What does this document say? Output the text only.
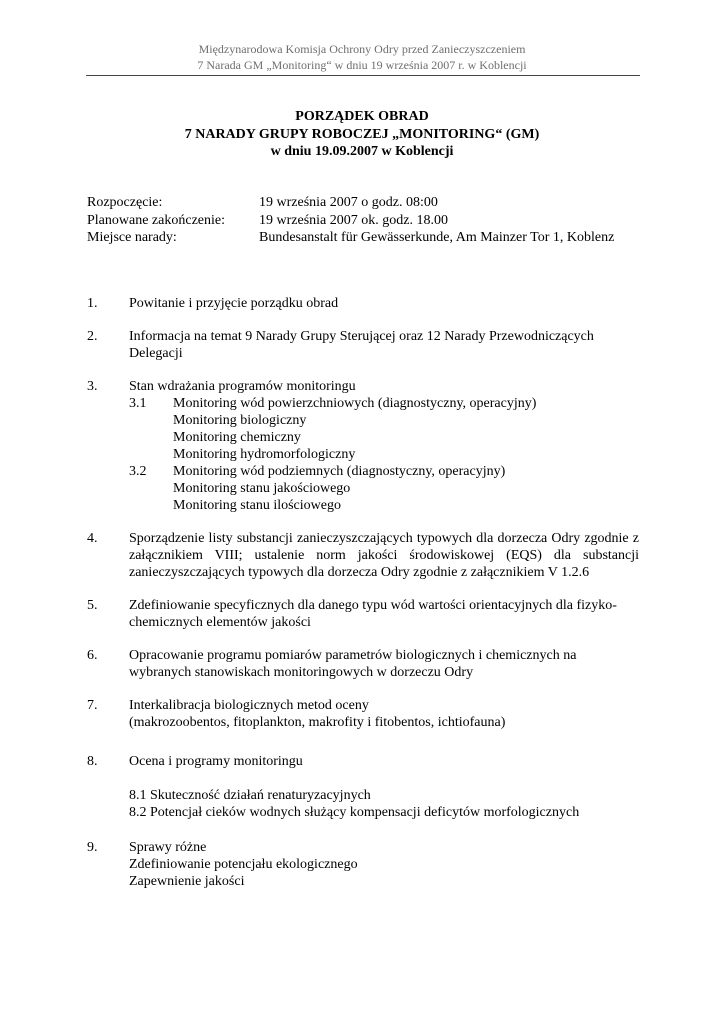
Międzynarodowa Komisja Ochrony Odry przed Zanieczyszczeniem
7 Narada GM „Monitoring“ w dniu 19 września 2007 r. w Koblencji
PORZĄDEK OBRAD
7 NARADY GRUPY ROBOCZEJ „MONITORING“ (GM)
w dniu 19.09.2007 w Koblencji
Rozpoczęcie:	19 września 2007 o godz. 08:00
Planowane zakończenie:	19 września 2007 ok. godz. 18.00
Miejsce narady:	Bundesanstalt für Gewässerkunde, Am Mainzer Tor 1, Koblenz
1.	Powitanie i przyjęcie porządku obrad
2.	Informacja na temat 9 Narady Grupy Sterującej oraz 12 Narady Przewodniczących Delegacji
3.	Stan wdrażania programów monitoringu
3.1	Monitoring wód powierzchniowych (diagnostyczny, operacyjny)
Monitoring biologiczny
Monitoring chemiczny
Monitoring hydromorfologiczny
3.2	Monitoring wód podziemnych (diagnostyczny, operacyjny)
Monitoring stanu jakościowego
Monitoring stanu ilościowego
4.	Sporządzenie listy substancji zanieczyszczających typowych dla dorzecza Odry zgodnie z załącznikiem VIII; ustalenie norm jakości środowiskowej (EQS) dla substancji zanieczyszczających typowych dla dorzecza Odry zgodnie z załącznikiem V 1.2.6
5.	Zdefiniowanie specyficznych dla danego typu wód wartości orientacyjnych dla fizyko-chemicznych elementów jakości
6.	Opracowanie programu pomiarów parametrów biologicznych i chemicznych na wybranych stanowiskach monitoringowych w dorzeczu Odry
7.	Interkalibracja biologicznych metod oceny
(makrozoobentos, fitoplankton, makrofity i fitobentos, ichtiofauna)
8.	Ocena i programy monitoringu
8.1 Skuteczność działań renaturyzacyjnych
8.2 Potencjał cieków wodnych służący kompensacji deficytów morfologicznych
9.	Sprawy różne
Zdefiniowanie potencjału ekologicznego
Zapewnienie jakości
